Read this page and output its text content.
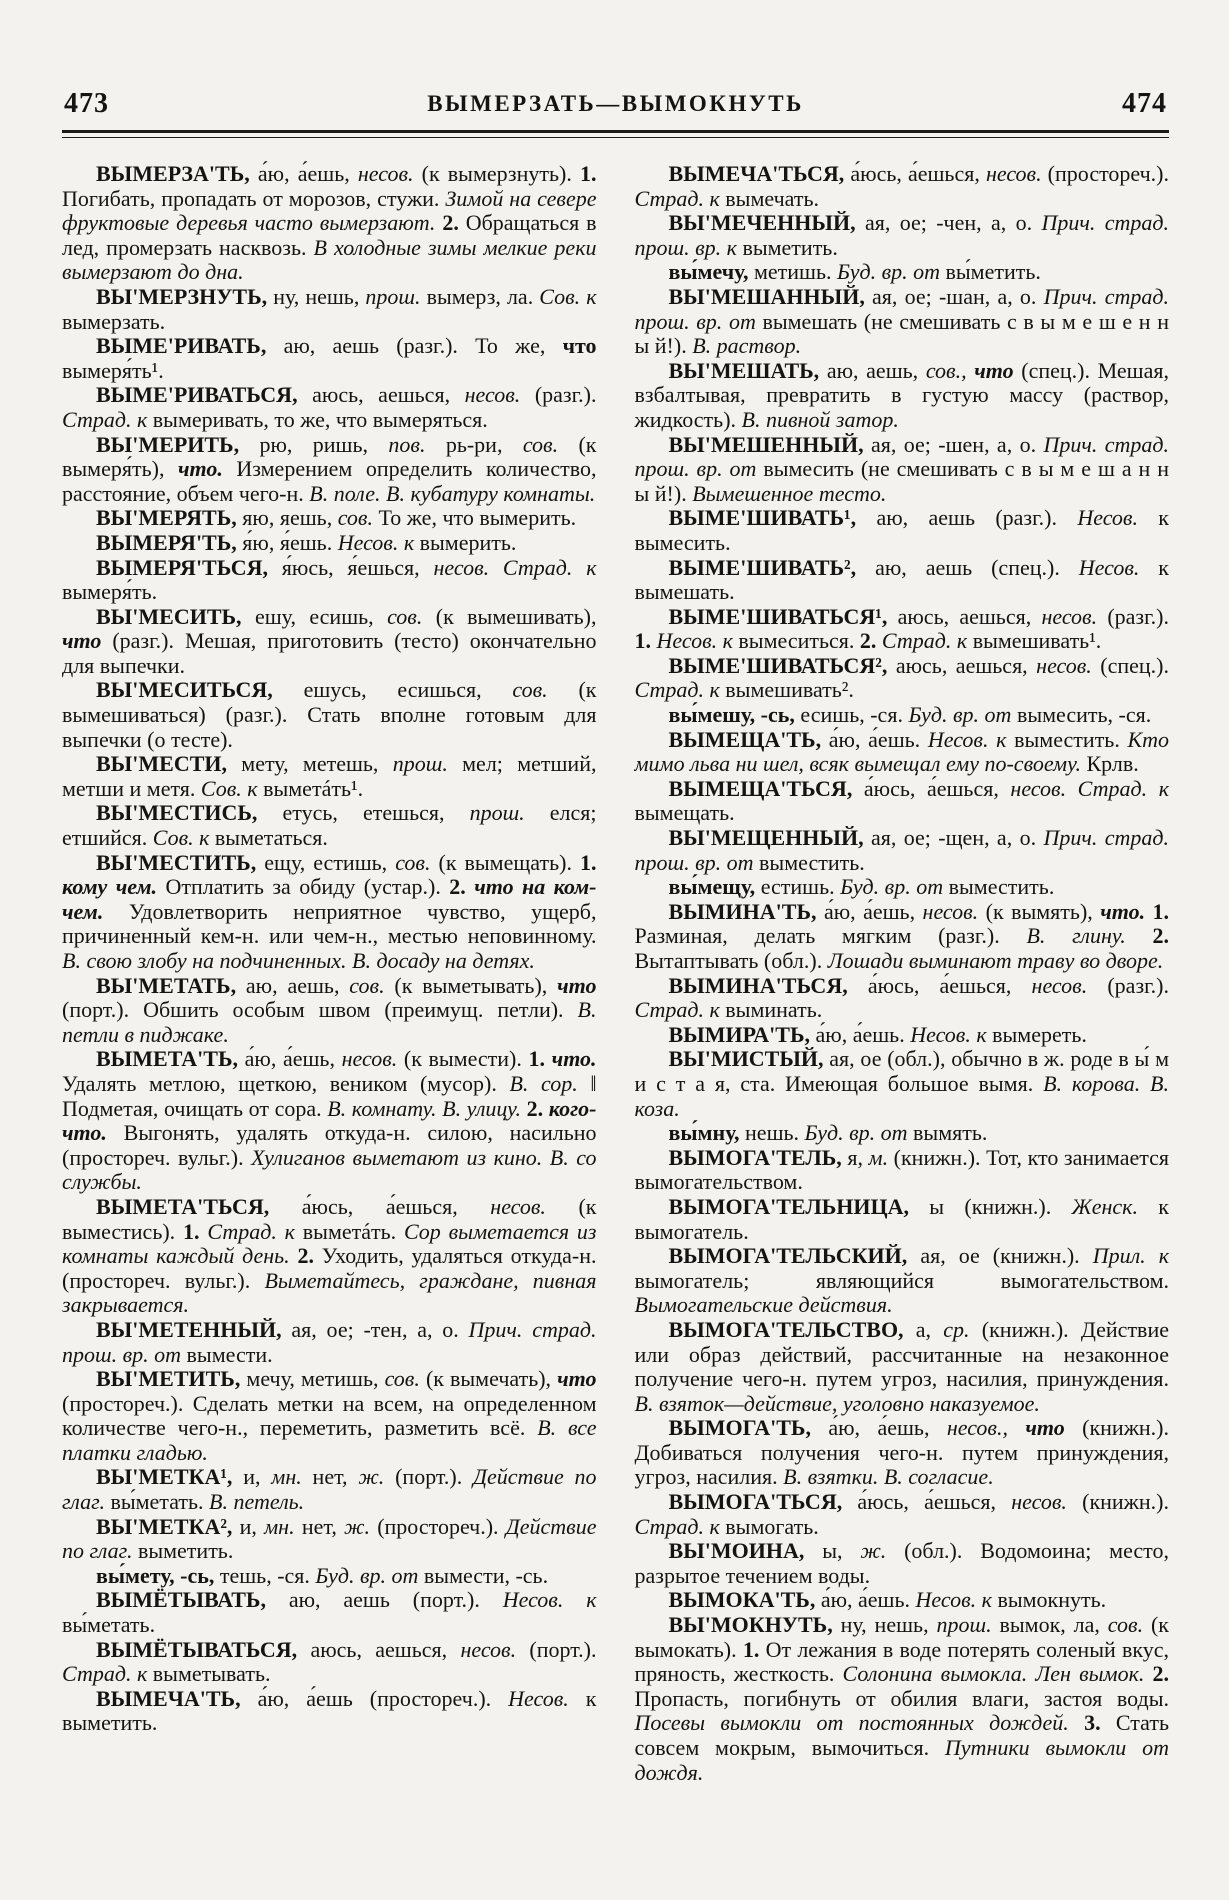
473	ВЫМЕРЗАТЬ—ВЫМОКНУТЬ	474

ВЫМЕРЗА'ТЬ, а́ю, а́ешь, несов. (к вымерзнуть). 1. Погибать, пропадать от морозов, стужи. Зимой на севере фруктовые деревья часто вымерзают. 2. Обращаться в лед, промерзать насквозь. В холодные зимы мелкие реки вымерзают до дна.

ВЫ'МЕРЗНУТЬ, ну, нешь, прош. вымерз, ла. Сов. к вымерзать.

ВЫМЕ'РИВАТЬ, аю, аешь (разг.). То же, что вымеря́ть¹.

ВЫМЕ'РИВАТЬСЯ, аюсь, аешься, несов. (разг.). Страд. к вымеривать, то же, что вымеряться.

ВЫ'МЕРИТЬ, рю, ришь, пов. рь-ри, сов. (к вымеря́ть), что. Измерением определить количество, расстояние, объем чего-н. В. поле. В. кубатуру комнаты.

ВЫ'МЕРЯТЬ, яю, яешь, сов. То же, что вымерить.

ВЫМЕРЯ'ТЬ, я́ю, я́ешь. Несов. к вымерить.

ВЫМЕРЯ'ТЬСЯ, я́юсь, я́ешься, несов. Страд. к вымеря́ть.

ВЫ'МЕСИТЬ, ешу, есишь, сов. (к вымешивать), что (разг.). Мешая, приготовить (тесто) окончательно для выпечки.

ВЫ'МЕСИТЬСЯ, ешусь, есишься, сов. (к вымешиваться) (разг.). Стать вполне готовым для выпечки (о тесте).

ВЫ'МЕСТИ, мету, метешь, прош. мел; метший, метши и метя. Сов. к выметáть¹.

ВЫ'МЕСТИСЬ, етусь, етешься, прош. елся; етшийся. Сов. к выметаться.

ВЫ'МЕСТИТЬ, ещу, естишь, сов. (к вымещать). 1. кому чем. Отплатить за обиду (устар.). 2. что на ком-чем. Удовлетворить неприятное чувство, ущерб, причиненный кем-н. или чем-н., местью неповинному. В. свою злобу на подчиненных. В. досаду на детях.

ВЫ'МЕТАТЬ, аю, аешь, сов. (к выметывать), что (порт.). Обшить особым швом (преимущ. петли). В. петли в пиджаке.

ВЫМЕТА'ТЬ, а́ю, а́ешь, несов. (к вымести). 1. что. Удалять метлою, щеткою, веником (мусор). В. сор. ‖ Подметая, очищать от сора. В. комнату. В. улицу. 2. кого-что. Выгонять, удалять откуда-н. силою, насильно (простореч. вульг.). Хулиганов выметают из кино. В. со службы.

ВЫМЕТА'ТЬСЯ, а́юсь, а́ешься, несов. (к выместись). 1. Страд. к выметáть. Сор выметается из комнаты каждый день. 2. Уходить, удаляться откуда-н. (простореч. вульг.). Выметайтесь, граждане, пивная закрывается.

ВЫ'МЕТЕННЫЙ, ая, ое; -тен, а, о. Прич. страд. прош. вр. от вымести.

ВЫ'МЕТИТЬ, мечу, метишь, сов. (к вымечать), что (простореч.). Сделать метки на всем, на определенном количестве чего-н., переметить, разметить всё. В. все платки гладью.

ВЫ'МЕТКА¹, и, мн. нет, ж. (порт.). Действие по глаг. вы́метать. В. петель.

ВЫ'МЕТКА², и, мн. нет, ж. (простореч.). Действие по глаг. выметить.

вы́мету, -сь, тешь, -ся. Буд. вр. от вымести, -сь.

ВЫМЁТЫВАТЬ, аю, аешь (порт.). Несов. к вы́метать.

ВЫМЁТЫВАТЬСЯ, аюсь, аешься, несов. (порт.). Страд. к выметывать.

ВЫМЕЧА'ТЬ, а́ю, а́ешь (простореч.). Несов. к выметить.

ВЫМЕЧА'ТЬСЯ, а́юсь, а́ешься, несов. (простореч.). Страд. к вымечать.

ВЫ'МЕЧЕННЫЙ, ая, ое; -чен, а, о. Прич. страд. прош. вр. к выметить.

вы́мечу, метишь. Буд. вр. от вы́метить.

ВЫ'МЕШАННЫЙ, ая, ое; -шан, а, о. Прич. страд. прош. вр. от вымешать (не смешивать с в ы м е ш е н н ы й!). В. раствор.

ВЫ'МЕШАТЬ, аю, аешь, сов., что (спец.). Мешая, взбалтывая, превратить в густую массу (раствор, жидкость). В. пивной затор.

ВЫ'МЕШЕННЫЙ, ая, ое; -шен, а, о. Прич. страд. прош. вр. от вымесить (не смешивать с в ы м е ш а н н ы й!). Вымешенное тесто.

ВЫМЕ'ШИВАТЬ¹, аю, аешь (разг.). Несов. к вымесить.

ВЫМЕ'ШИВАТЬ², аю, аешь (спец.). Несов. к вымешать.

ВЫМЕ'ШИВАТЬСЯ¹, аюсь, аешься, несов. (разг.). 1. Несов. к вымеситься. 2. Страд. к вымешивать¹.

ВЫМЕ'ШИВАТЬСЯ², аюсь, аешься, несов. (спец.). Страд. к вымешивать².

вы́мешу, -сь, есишь, -ся. Буд. вр. от вымесить, -ся.

ВЫМЕЩА'ТЬ, а́ю, а́ешь. Несов. к выместить. Кто мимо льва ни шел, всяк вымещал ему по-своему. Крлв.

ВЫМЕЩА'ТЬСЯ, а́юсь, а́ешься, несов. Страд. к вымещать.

ВЫ'МЕЩЕННЫЙ, ая, ое; -щен, а, о. Прич. страд. прош. вр. от выместить.

вы́мещу, естишь. Буд. вр. от выместить.

ВЫМИНА'ТЬ, а́ю, а́ешь, несов. (к вымять), что. 1. Разминая, делать мягким (разг.). В. глину. 2. Вытаптывать (обл.). Лошади выминают траву во дворе.

ВЫМИНА'ТЬСЯ, а́юсь, а́ешься, несов. (разг.). Страд. к выминать.

ВЫМИРА'ТЬ, а́ю, а́ешь. Несов. к вымереть.

ВЫ'МИСТЫЙ, ая, ое (обл.), обычно в ж. роде в ы́ м и с т а я, ста. Имеющая большое вымя. В. корова. В. коза.

вы́мну, нешь. Буд. вр. от вымять.

ВЫМОГА'ТЕЛЬ, я, м. (книжн.). Тот, кто занимается вымогательством.

ВЫМОГА'ТЕЛЬНИЦА, ы (книжн.). Женск. к вымогатель.

ВЫМОГА'ТЕЛЬСКИЙ, ая, ое (книжн.). Прил. к вымогатель; являющийся вымогательством. Вымогательские действия.

ВЫМОГА'ТЕЛЬСТВО, а, ср. (книжн.). Действие или образ действий, рассчитанные на незаконное получение чего-н. путем угроз, насилия, принуждения. В. взяток—действие, уголовно наказуемое.

ВЫМОГА'ТЬ, а́ю, а́ешь, несов., что (книжн.). Добиваться получения чего-н. путем принуждения, угроз, насилия. В. взятки. В. согласие.

ВЫМОГА'ТЬСЯ, а́юсь, а́ешься, несов. (книжн.). Страд. к вымогать.

ВЫ'МОИНА, ы, ж. (обл.). Водомоина; место, разрытое течением воды.

ВЫМОКА'ТЬ, а́ю, а́ешь. Несов. к вымокнуть.

ВЫ'МОКНУТЬ, ну, нешь, прош. вымок, ла, сов. (к вымокать). 1. От лежания в воде потерять соленый вкус, пряность, жесткость. Солонина вымокла. Лен вымок. 2. Пропасть, погибнуть от обилия влаги, застоя воды. Посевы вымокли от постоянных дождей. 3. Стать совсем мокрым, вымочиться. Путники вымокли от дождя.
